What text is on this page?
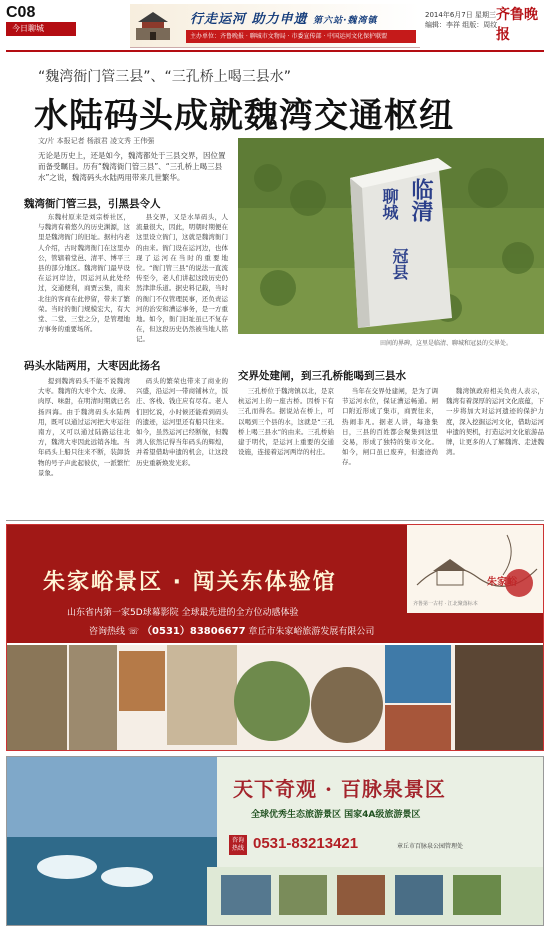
C08
今日聊城
行走运河 助力申遗 第六站·魏湾镇
主办单位：齐鲁晚报 · 聊城市文物局 · 市委宣传部 · 中国运河文化保护联盟
2014年6月7日 星期三
编辑：李祥 组版：周纹
齐鲁晚报
“魏湾衙门管三县”、“三孔桥上喝三县水”
水陆码头成就魏湾交通枢纽
文/片 本报记者 杨淑君 凌文秀 王伟强
无论是历史上，还是如今，魏湾都处于三县交界，因位置而备受瞩目。历有“魏湾衙门管三县”、“三孔桥上喝三县水”之说，魏湾码头水陆两用带来几世繁华。
魏湾衙门管三县，引黑县令人

东魏村原来是刘宗桥社区，与魏湾有着悠久的历史渊源，这里是魏湾衙门的旧址。据村内老人介绍，古时魏湾衙门在这里办公，管辖着堂邑、清平、博平三县的部分地区。魏湾衙门最早设在运河岸边，因运河从此处经过，交通便利，商贾云集，南来北往的客商在此停留，带来了繁荣。当时的衙门规模宏大，有大堂、二堂、三堂之分，是管理地方事务的重要场所。

县交界，又是水旱码头，人流量很大，因此，明朝时期便在这里设立衙门，这就是魏湾衙门的由来。衙门设在运河边，也体现了运河在当时的重要地位。“衙门管三县”的说法一直流传至今，老人们讲起这段历史仍然津津乐道。据史料记载，当时的衙门不仅管理民事，还负责运河的治安和漕运事务，是一方重地。如今，衙门旧址虽已不复存在，但这段历史仍然被当地人铭记。

临清
聊城
冠县
田间的界碑，这里是临清、聊城和冠县的交界处。
码头水陆两用，大枣因此扬名

提到魏湾码头不能不说魏湾大枣。魏湾的大枣个大、皮薄、肉厚、味甜，在明清时期就已名扬四海。由于魏湾码头水陆两用，既可以通过运河把大枣运往南方，又可以通过陆路运往北方，魏湾大枣因此远销各地。当年码头上船只往来不断，装卸货物的号子声此起彼伏，一派繁忙景象。

码头的繁荣也带来了商业的兴盛，沿运河一带商铺林立，饭庄、客栈、钱庄应有尽有。老人们回忆说，小时候还能看到码头的遗迹，运河里还有船只往来。如今，虽然运河已经断航，但魏湾人依然记得当年码头的辉煌，并希望借助申遗的机会，让这段历史重新焕发光彩。

交界处建闸，到三孔桥能喝到三县水

三孔桥位于魏湾镇以北，是京杭运河上的一座古桥。因桥下有三孔而得名。据说站在桥上，可以喝到三个县的水，这就是“三孔桥上喝三县水”的由来。三孔桥始建于明代，是运河上重要的交通设施，连接着运河两岸的村庄。

当年在交界处建闸，是为了调节运河水位，保证漕运畅通。闸口附近形成了集市，商贾往来，热闹非凡。据老人讲，每逢集日，三县的百姓都会聚集到这里交易，形成了独特的集市文化。如今，闸口虽已废弃，但遗迹尚存。

魏湾镇政府相关负责人表示，魏湾有着深厚的运河文化底蕴，下一步将加大对运河遗迹的保护力度，深入挖掘运河文化，借助运河申遗的契机，打造运河文化旅游品牌，让更多的人了解魏湾、走进魏湾。

朱家峪景区 · 闯关东体验馆
山东省内第一家5D球幕影院 全球最先进的全方位动感体验
咨询热线 ☏ （0531）83806677 章丘市朱家峪旅游发展有限公司
朱家峪
齐鲁第一古村 · 江北聚落标本
天下奇观 · 百脉泉景区
全球优秀生态旅游景区 国家4A级旅游景区
咨询热线 0531-83213421	章丘市百脉泉公园管理处
